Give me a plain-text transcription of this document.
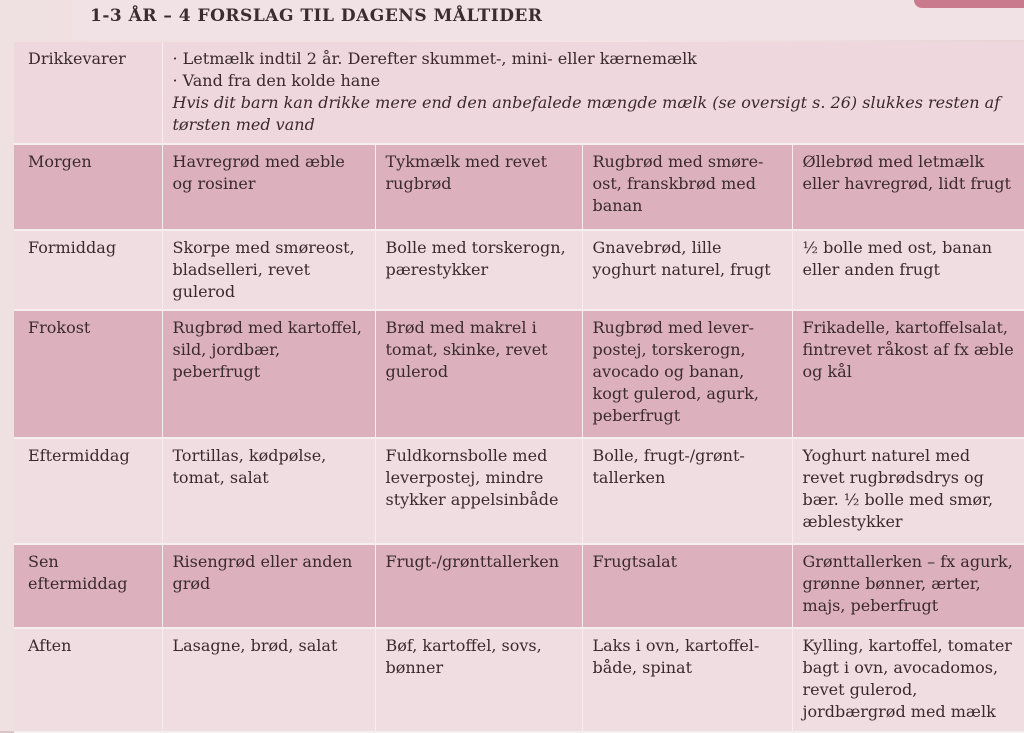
1-3 ÅR – 4 FORSLAG TIL DAGENS MÅLTIDER
Drikkevarer	· Letmælk indtil 2 år. Derefter skummet-, mini- eller kærnemælk
· Vand fra den kolde hane
Hvis dit barn kan drikke mere end den anbefalede mængde mælk (se oversigt s. 26) slukkes resten af tørsten med vand

Morgen	Havregrød med æble og rosiner	Tykmælk med revet rugbrød	Rugbrød med smøre-ost, franskbrød med banan	Øllebrød med letmælk eller havregrød, lidt frugt
Formiddag	Skorpe med smøreost, bladselleri, revet gulerod	Bolle med torskerogn, pærestykker	Gnavebrød, lille yoghurt naturel, frugt	½ bolle med ost, banan eller anden frugt
Frokost	Rugbrød med kartoffel, sild, jordbær, peberfrugt	Brød med makrel i tomat, skinke, revet gulerod	Rugbrød med lever-postej, torskerogn, avocado og banan, kogt gulerod, agurk, peberfrugt	Frikadelle, kartoffelsalat, fintrevet råkost af fx æble og kål
Eftermiddag	Tortillas, kødpølse, tomat, salat	Fuldkornsbolle med leverpostej, mindre stykker appelsinbåde	Bolle, frugt-/grønt-tallerken	Yoghurt naturel med revet rugbrødsdrys og bær. ½ bolle med smør, æblestykker
Sen eftermiddag	Risengrød eller anden grød	Frugt-/grønttallerken	Frugtsalat	Grønttallerken – fx agurk, grønne bønner, ærter, majs, peberfrugt
Aften	Lasagne, brød, salat	Bøf, kartoffel, sovs, bønner	Laks i ovn, kartoffel-både, spinat	Kylling, kartoffel, tomater bagt i ovn, avocadomos, revet gulerod, jordbærgrød med mælk
